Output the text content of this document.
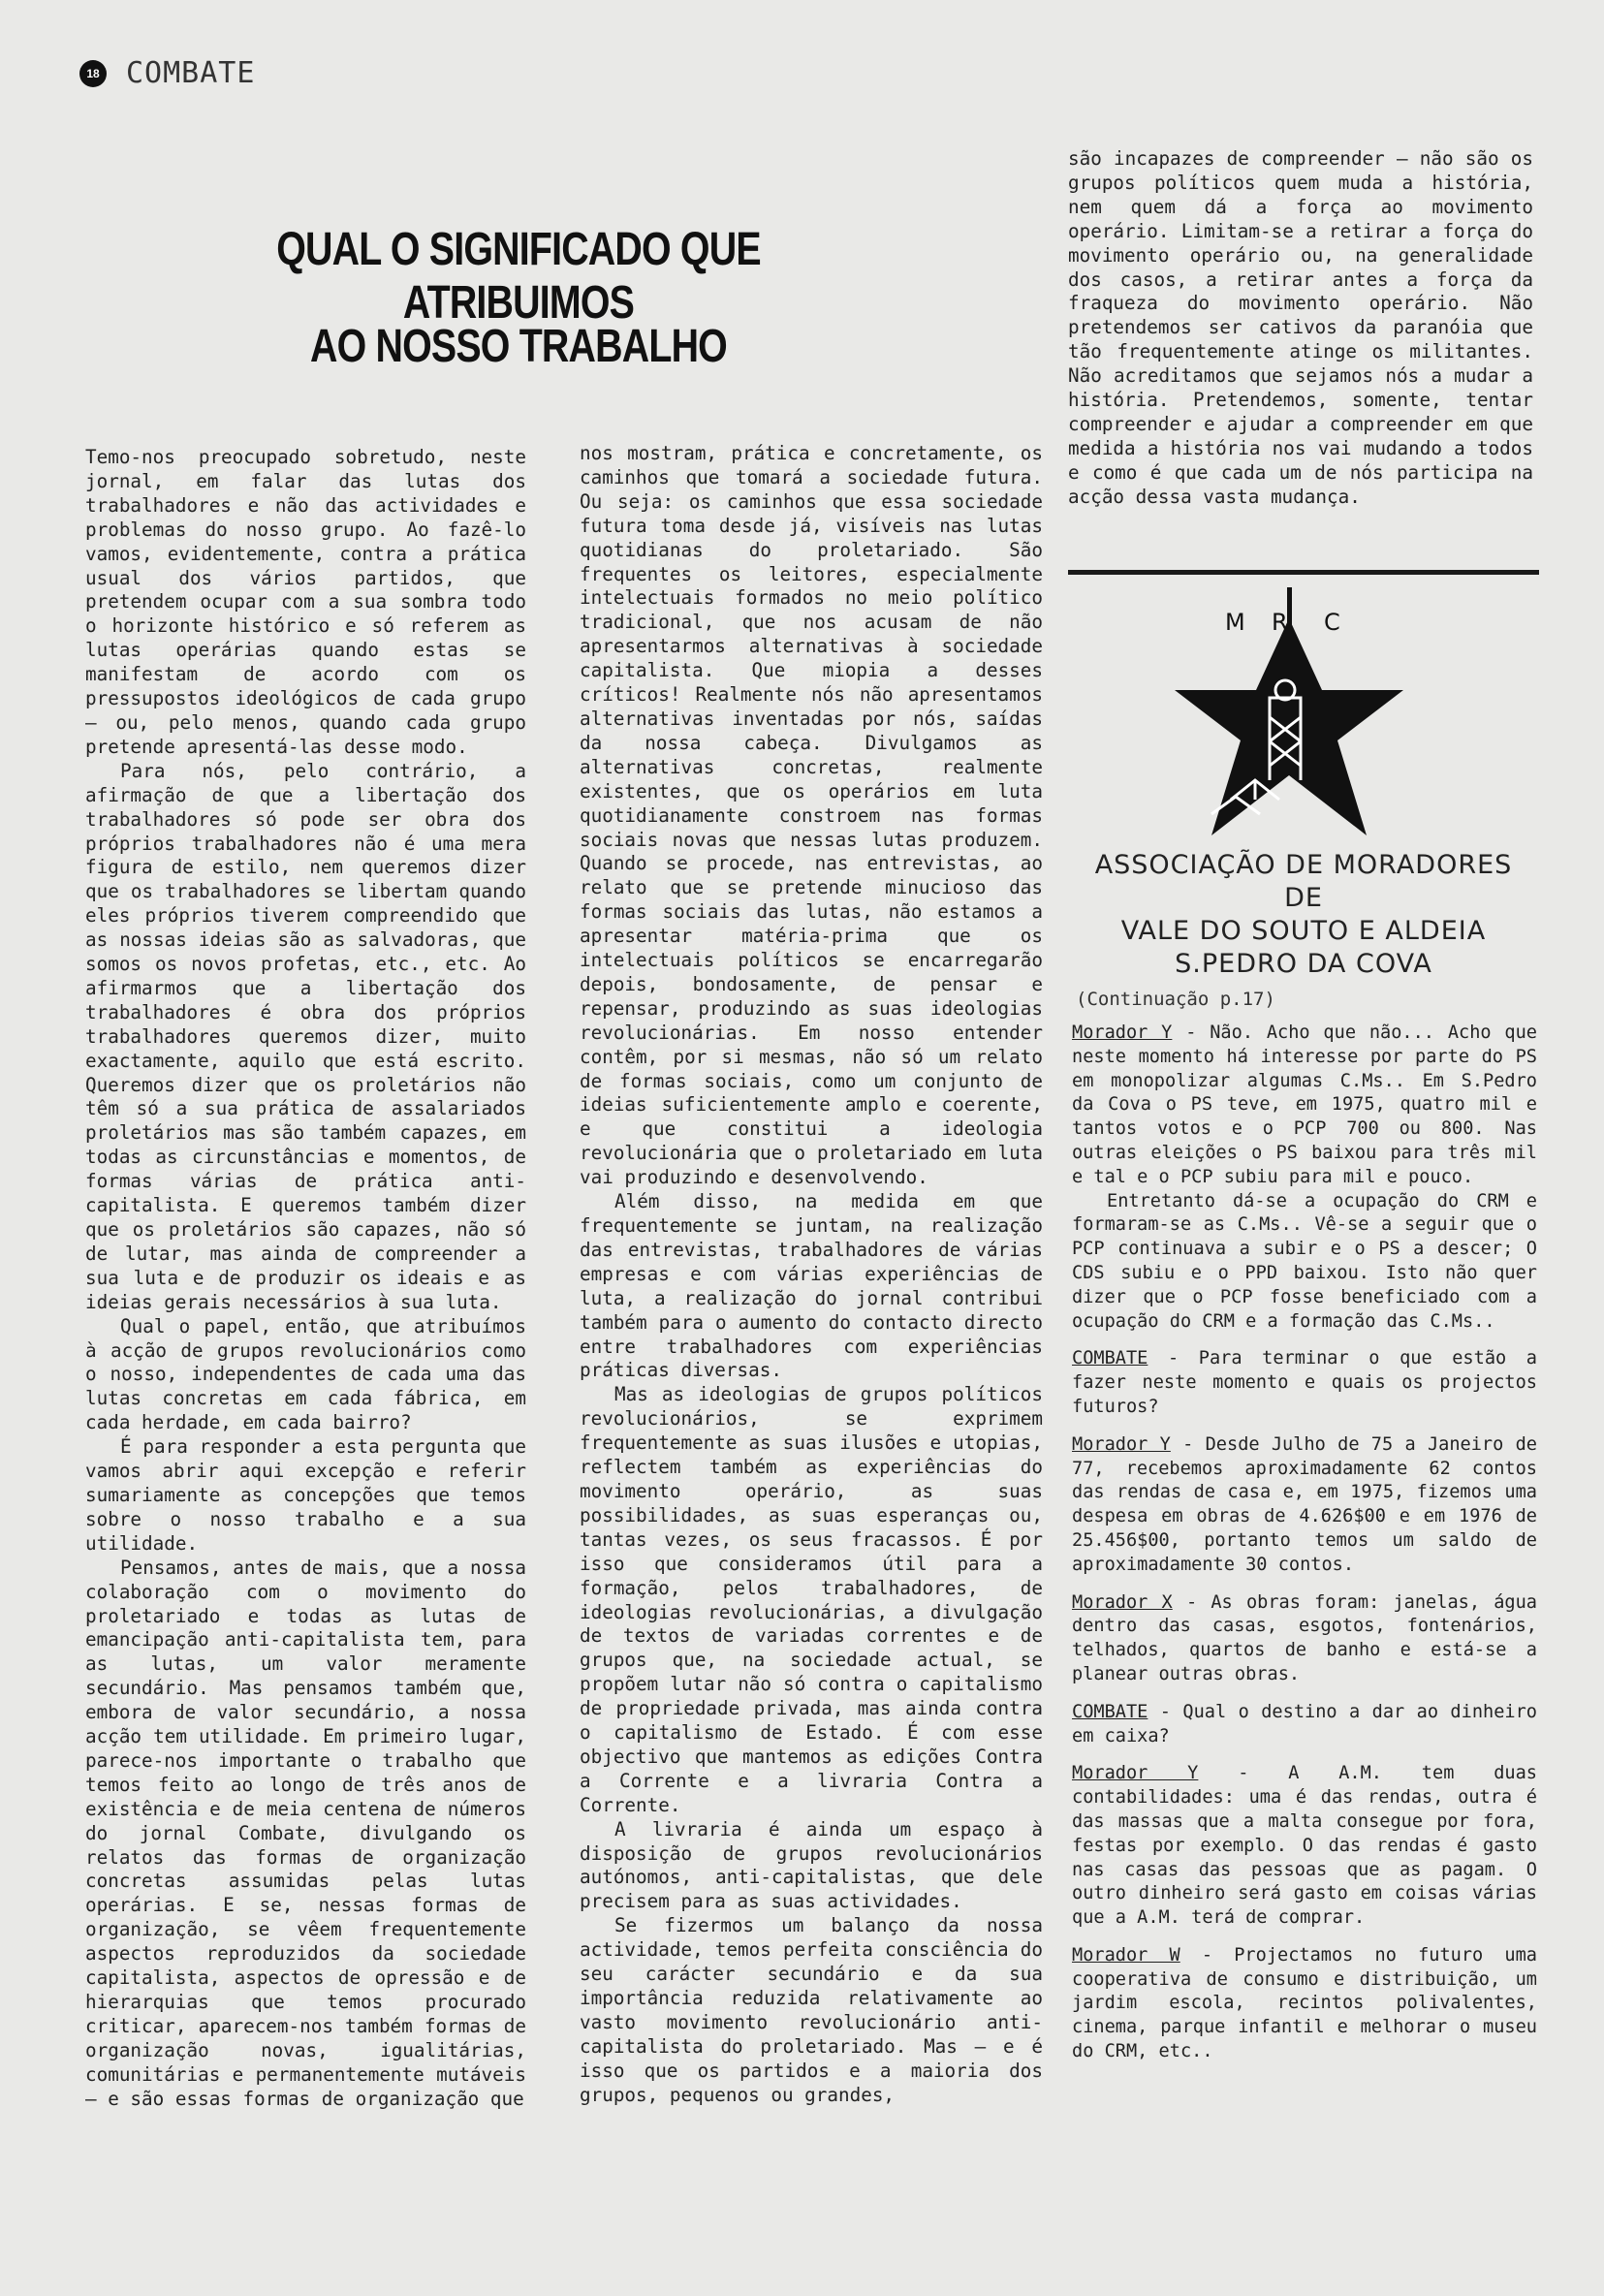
18 COMBATE
QUAL O SIGNIFICADO QUE ATRIBUIMOS
AO NOSSO TRABALHO

Temo-nos preocupado sobretudo, neste jornal, em falar das lutas dos trabalhadores e não das actividades e problemas do nosso grupo. Ao fazê-lo vamos, evidentemente, contra a prática usual dos vários partidos, que pretendem ocupar com a sua sombra todo o horizonte histórico e só referem as lutas operárias quando estas se manifestam de acordo com os pressupostos ideológicos de cada grupo — ou, pelo menos, quando cada grupo pretende apresentá-las desse modo.

Para nós, pelo contrário, a afirmação de que a libertação dos trabalhadores só pode ser obra dos próprios trabalhadores não é uma mera figura de estilo, nem queremos dizer que os trabalhadores se libertam quando eles próprios tiverem compreendido que as nossas ideias são as salvadoras, que somos os novos profetas, etc., etc. Ao afirmarmos que a libertação dos trabalhadores é obra dos próprios trabalhadores queremos dizer, muito exactamente, aquilo que está escrito. Queremos dizer que os proletários não têm só a sua prática de assalariados proletários mas são também capazes, em todas as circunstâncias e momentos, de formas várias de prática anti-capitalista. E queremos também dizer que os proletários são capazes, não só de lutar, mas ainda de compreender a sua luta e de produzir os ideais e as ideias gerais necessários à sua luta.

Qual o papel, então, que atribuímos à acção de grupos revolucionários como o nosso, independentes de cada uma das lutas concretas em cada fábrica, em cada herdade, em cada bairro?

É para responder a esta pergunta que vamos abrir aqui excepção e referir sumariamente as concepções que temos sobre o nosso trabalho e a sua utilidade.

Pensamos, antes de mais, que a nossa colaboração com o movimento do proletariado e todas as lutas de emancipação anti-capitalista tem, para as lutas, um valor meramente secundário. Mas pensamos também que, embora de valor secundário, a nossa acção tem utilidade. Em primeiro lugar, parece-nos importante o trabalho que temos feito ao longo de três anos de existência e de meia centena de números do jornal Combate, divulgando os relatos das formas de organização concretas assumidas pelas lutas operárias. E se, nessas formas de organização, se vêem frequentemente aspectos reproduzidos da sociedade capitalista, aspectos de opressão e de hierarquias que temos procurado criticar, aparecem-nos também formas de organização novas, igualitárias, comunitárias e permanentemente mutáveis — e são essas formas de organização que

nos mostram, prática e concretamente, os caminhos que tomará a sociedade futura. Ou seja: os caminhos que essa sociedade futura toma desde já, visíveis nas lutas quotidianas do proletariado. São frequentes os leitores, especialmente intelectuais formados no meio político tradicional, que nos acusam de não apresentarmos alternativas à sociedade capitalista. Que miopia a desses críticos! Realmente nós não apresentamos alternativas inventadas por nós, saídas da nossa cabeça. Divulgamos as alternativas concretas, realmente existentes, que os operários em luta quotidianamente constroem nas formas sociais novas que nessas lutas produzem. Quando se procede, nas entrevistas, ao relato que se pretende minucioso das formas sociais das lutas, não estamos a apresentar matéria-prima que os intelectuais políticos se encarregarão depois, bondosamente, de pensar e repensar, produzindo as suas ideologias revolucionárias. Em nosso entender contêm, por si mesmas, não só um relato de formas sociais, como um conjunto de ideias suficientemente amplo e coerente, e que constitui a ideologia revolucionária que o proletariado em luta vai produzindo e desenvolvendo.

Além disso, na medida em que frequentemente se juntam, na realização das entrevistas, trabalhadores de várias empresas e com várias experiências de luta, a realização do jornal contribui também para o aumento do contacto directo entre trabalhadores com experiências práticas diversas.

Mas as ideologias de grupos políticos revolucionários, se exprimem frequentemente as suas ilusões e utopias, reflectem também as experiências do movimento operário, as suas possibilidades, as suas esperanças ou, tantas vezes, os seus fracassos. É por isso que consideramos útil para a formação, pelos trabalhadores, de ideologias revolucionárias, a divulgação de textos de variadas correntes e de grupos que, na sociedade actual, se propõem lutar não só contra o capitalismo de propriedade privada, mas ainda contra o capitalismo de Estado. É com esse objectivo que mantemos as edições Contra a Corrente e a livraria Contra a Corrente.

A livraria é ainda um espaço à disposição de grupos revolucionários autónomos, anti-capitalistas, que dele precisem para as suas actividades.

Se fizermos um balanço da nossa actividade, temos perfeita consciência do seu carácter secundário e da sua importância reduzida relativamente ao vasto movimento revolucionário anti-capitalista do proletariado. Mas — e é isso que os partidos e a maioria dos grupos, pequenos ou grandes,

são incapazes de compreender — não são os grupos políticos quem muda a história, nem quem dá a força ao movimento operário. Limitam-se a retirar a força do movimento operário ou, na generalidade dos casos, a retirar antes a força da fraqueza do movimento operário. Não pretendemos ser cativos da paranóia que tão frequentemente atinge os militantes. Não acreditamos que sejamos nós a mudar a história. Pretendemos, somente, tentar compreender e ajudar a compreender em que medida a história nos vai mudando a todos e como é que cada um de nós participa na acção dessa vasta mudança.

M R C
ASSOCIAÇÃO DE MORADORES
DE
VALE DO SOUTO E ALDEIA
S.PEDRO DA COVA
(Continuação p.17)

Morador Y - Não. Acho que não... Acho que neste momento há interesse por parte do PS em monopolizar algumas C.Ms.. Em S.Pedro da Cova o PS teve, em 1975, quatro mil e tantos votos e o PCP 700 ou 800. Nas outras eleições o PS baixou para três mil e tal e o PCP subiu para mil e pouco.

Entretanto dá-se a ocupação do CRM e formaram-se as C.Ms.. Vê-se a seguir que o PCP continuava a subir e o PS a descer; O CDS subiu e o PPD baixou. Isto não quer dizer que o PCP fosse beneficiado com a ocupação do CRM e a formação das C.Ms..

COMBATE - Para terminar o que estão a fazer neste momento e quais os projectos futuros?

Morador Y - Desde Julho de 75 a Janeiro de 77, recebemos aproximadamente 62 contos das rendas de casa e, em 1975, fizemos uma despesa em obras de 4.626$00 e em 1976 de 25.456$00, portanto temos um saldo de aproximadamente 30 contos.

Morador X - As obras foram: janelas, água dentro das casas, esgotos, fontenários, telhados, quartos de banho e está-se a planear outras obras.

COMBATE - Qual o destino a dar ao dinheiro em caixa?

Morador Y - A A.M. tem duas contabilidades: uma é das rendas, outra é das massas que a malta consegue por fora, festas por exemplo. O das rendas é gasto nas casas das pessoas que as pagam. O outro dinheiro será gasto em coisas várias que a A.M. terá de comprar.

Morador W - Projectamos no futuro uma cooperativa de consumo e distribuição, um jardim escola, recintos polivalentes, cinema, parque infantil e melhorar o museu do CRM, etc..
